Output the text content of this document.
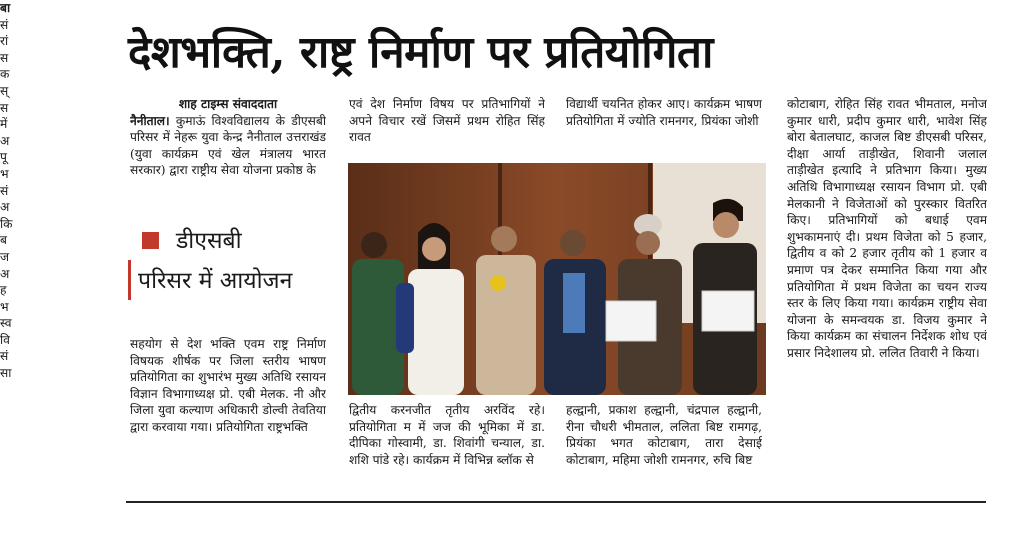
देशभक्ति, राष्ट्र निर्माण पर प्रतियोगिता
शाह टाइम्स संवाददाता
नैनीताल। कुमाऊं विश्वविद्यालय के डीएसबी परिसर में नेहरू युवा केन्द्र नैनीताल उत्तराखंड (युवा कार्यक्रम एवं खेल मंत्रालय भारत सरकार) द्वारा राष्ट्रीय सेवा योजना प्रकोष्ठ के
डीएसबी
परिसर में आयोजन
सहयोग से देश भक्ति एवम राष्ट्र निर्माण विषयक शीर्षक पर जिला स्तरीय भाषण प्रतियोगिता का शुभारंभ मुख्य अतिथि रसायन विज्ञान विभागाध्यक्ष प्रो. एबी मेलक. नी और जिला युवा कल्याण अधिकारी डोल्वी तेवतिया द्वारा करवाया गया। प्रतियोगिता राष्ट्रभक्ति
एवं देश निर्माण विषय पर प्रतिभागियों ने अपने विचार रखें जिसमें प्रथम रोहित सिंह रावत
विद्यार्थी चयनित होकर आए। कार्यक्रम भाषण प्रतियोगिता में ज्योति रामनगर, प्रियंका जोशी
द्वितीय करनजीत तृतीय अरविंद रहे। प्रतियोगिता म में जज की भूमिका में डा. दीपिका गोस्वामी, डा. शिवांगी चन्याल, डा. शशि पांडे रहे। कार्यक्रम में विभिन्न ब्लॉक से
हल्द्वानी, प्रकाश हल्द्वानी, चंद्रपाल हल्द्वानी, रीना चौधरी भीमताल, ललिता बिष्ट रामगढ़, प्रियंका भगत कोटाबाग, तारा देसाई कोटाबाग, महिमा जोशी रामनगर, रुचि बिष्ट
कोटाबाग, रोहित सिंह रावत भीमताल, मनोज कुमार धारी, प्रदीप कुमार धारी, भावेश सिंह बोरा बेतालघाट, काजल बिष्ट डीएसबी परिसर, दीक्षा आर्या ताड़ीखेत, शिवानी जलाल ताड़ीखेत इत्यादि ने प्रतिभाग किया। मुख्य अतिथि विभागाध्यक्ष रसायन विभाग प्रो. एबी मेलकानी ने विजेताओं को पुरस्कार वितरित किए। प्रतिभागियों को बधाई एवम शुभकामनाएं दी। प्रथम विजेता को 5 हजार, द्वितीय व को 2 हजार तृतीय को 1 हजार व प्रमाण पत्र देकर सम्मानित किया गया और प्रतियोगिता में प्रथम विजेता का चयन राज्य स्तर के लिए किया गया। कार्यक्रम राष्ट्रीय सेवा योजना के समन्वयक डा. विजय कुमार ने किया कार्यक्रम का संचालन निर्देशक शोध एवं प्रसार निदेशालय प्रो. ललित तिवारी ने किया।
बा
सं
रां
स
क
स्
स
में
अ
पू
भ
सं
अ
कि
ब
ज
अ
ह
भ
स्व
वि
सं
सा
